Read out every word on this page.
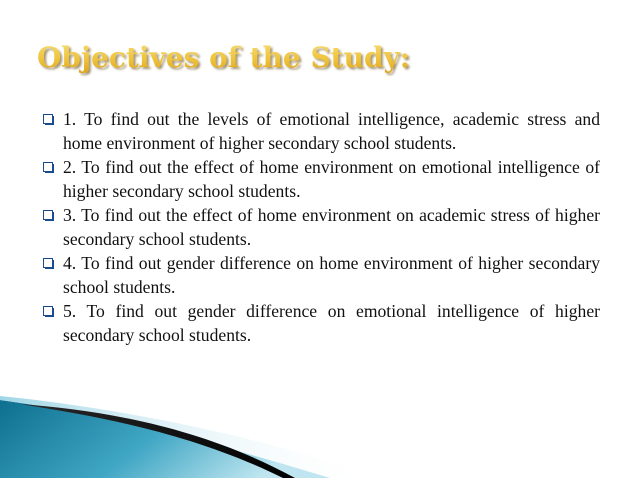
Objectives of the Study:
1. To find out the levels of emotional intelligence, academic stress and home environment of higher secondary school students.
2. To find out the effect of home environment on emotional intelligence of higher secondary school students.
3. To find out the effect of home environment on academic stress of higher secondary school students.
4. To find out gender difference on home environment of higher secondary school students.
5. To find out gender difference on emotional intelligence of higher secondary school students.
